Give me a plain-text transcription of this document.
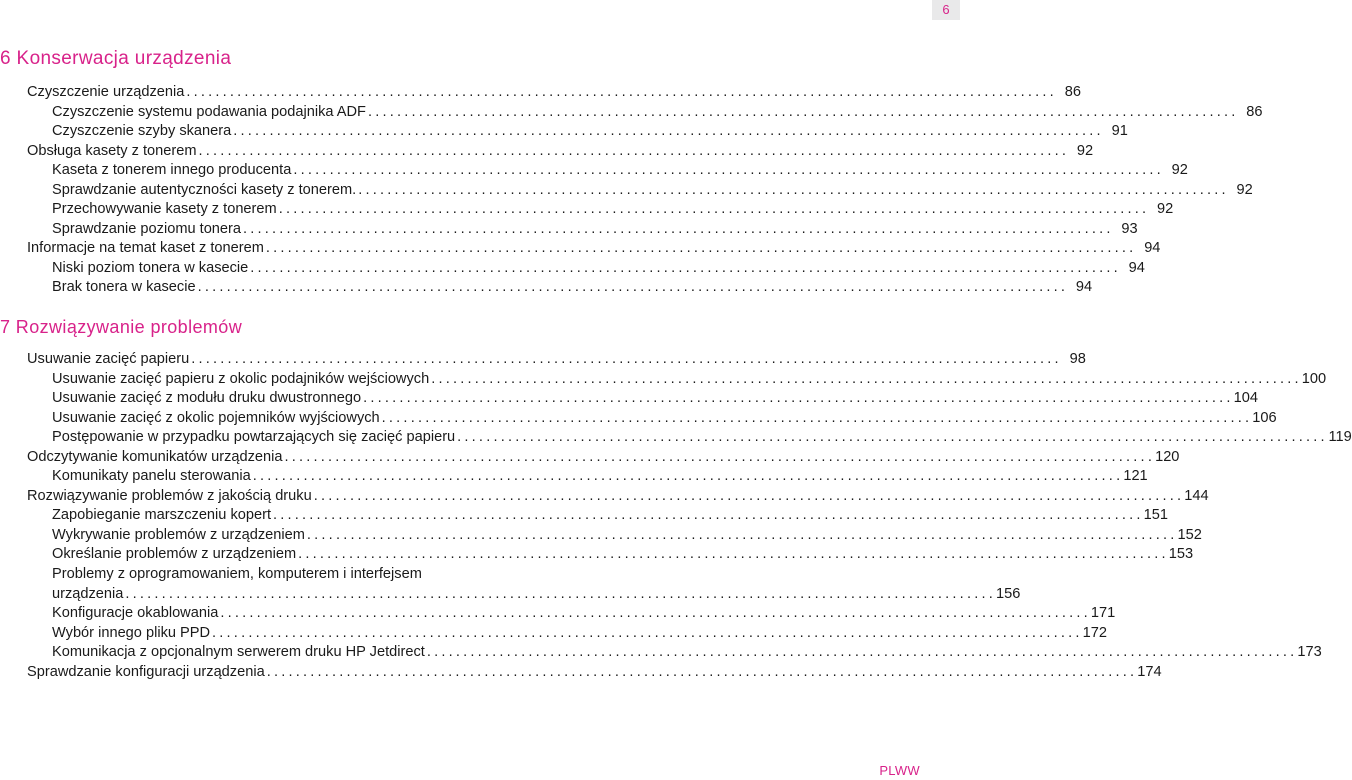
6
6 Konserwacja urządzenia
Czyszczenie urządzenia ........................................................................................................................ 86
Czyszczenie systemu podawania podajnika ADF ........................................................................................................................ 86
Czyszczenie szyby skanera ........................................................................................................................ 91
Obsługa kasety z tonerem ........................................................................................................................ 92
Kaseta z tonerem innego producenta ........................................................................................................................ 92
Sprawdzanie autentyczności kasety z tonerem. ........................................................................................................................ 92
Przechowywanie kasety z tonerem ........................................................................................................................ 92
Sprawdzanie poziomu tonera ........................................................................................................................ 93
Informacje na temat kaset z tonerem ........................................................................................................................ 94
Niski poziom tonera w kasecie ........................................................................................................................ 94
Brak tonera w kasecie ........................................................................................................................ 94
7 Rozwiązywanie problemów
Usuwanie zacięć papieru ........................................................................................................................ 98
Usuwanie zacięć papieru z okolic podajników wejściowych ........................................................................................................................ 100
Usuwanie zacięć z modułu druku dwustronnego ........................................................................................................................ 104
Usuwanie zacięć z okolic pojemników wyjściowych ........................................................................................................................ 106
Postępowanie w przypadku powtarzających się zacięć papieru ........................................................................................................................ 119
Odczytywanie komunikatów urządzenia ........................................................................................................................ 120
Komunikaty panelu sterowania ........................................................................................................................ 121
Rozwiązywanie problemów z jakością druku ........................................................................................................................ 144
Zapobieganie marszczeniu kopert ........................................................................................................................ 151
Wykrywanie problemów z urządzeniem ........................................................................................................................ 152
Określanie problemów z urządzeniem ........................................................................................................................ 153
Problemy z oprogramowaniem, komputerem i interfejsem
urządzenia ........................................................................................................................ 156
Konfiguracje okablowania ........................................................................................................................ 171
Wybór innego pliku PPD ........................................................................................................................ 172
Komunikacja z opcjonalnym serwerem druku HP Jetdirect ........................................................................................................................ 173
Sprawdzanie konfiguracji urządzenia ........................................................................................................................ 174
PLWW
